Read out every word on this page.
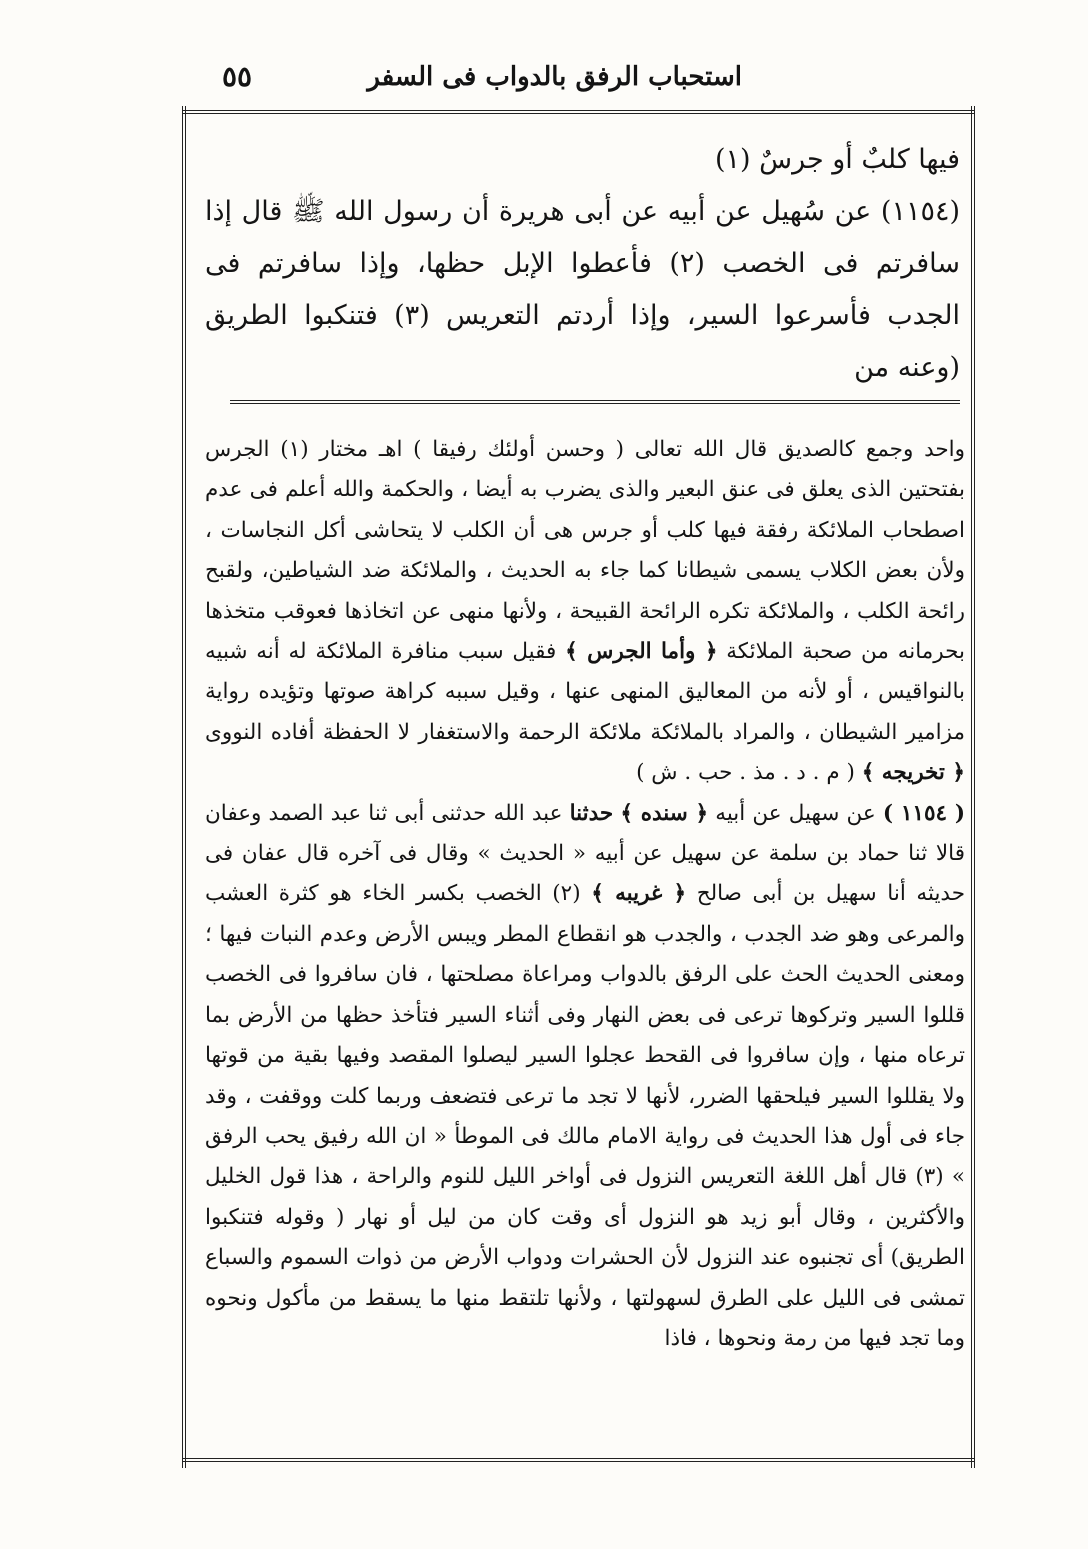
استحباب الرفق بالدواب فى السفر
٥٥

فيها كلبٌ أو جرسٌ (١)

(١١٥٤) عن سُهيل عن أبيه عن أبى هريرة أن رسول الله ﷺ قال إذا سافرتم فى الخصب (٢) فأعطوا الإبل حظها، وإذا سافرتم فى الجدب فأسرعوا السير، وإذا أردتم التعريس (٣) فتنكبوا الطريق (وعنه من

واحد وجمع كالصديق قال الله تعالى ( وحسن أولئك رفيقا ) اهـ مختار (١) الجرس بفتحتين الذى يعلق فى عنق البعير والذى يضرب به أيضا ، والحكمة والله أعلم فى عدم اصطحاب الملائكة رفقة فيها كلب أو جرس هى أن الكلب لا يتحاشى أكل النجاسات ، ولأن بعض الكلاب يسمى شيطانا كما جاء به الحديث ، والملائكة ضد الشياطين، ولقبح رائحة الكلب ، والملائكة تكره الرائحة القبيحة ، ولأنها منهى عن اتخاذها فعوقب متخذها بحرمانه من صحبة الملائكة ﴿ وأما الجرس ﴾ فقيل سبب منافرة الملائكة له أنه شبيه بالنواقيس ، أو لأنه من المعاليق المنهى عنها ، وقيل سببه كراهة صوتها وتؤيده رواية مزامير الشيطان ، والمراد بالملائكة ملائكة الرحمة والاستغفار لا الحفظة أفاده النووى ﴿ تخريجه ﴾ ( م . د . مذ . حب . ش )

( ١١٥٤ ) عن سهيل عن أبيه ﴿ سنده ﴾ حدثنا عبد الله حدثنى أبى ثنا عبد الصمد وعفان قالا ثنا حماد بن سلمة عن سهيل عن أبيه « الحديث » وقال فى آخره قال عفان فى حديثه أنا سهيل بن أبى صالح ﴿ غريبه ﴾ (٢) الخصب بكسر الخاء هو كثرة العشب والمرعى وهو ضد الجدب ، والجدب هو انقطاع المطر ويبس الأرض وعدم النبات فيها ؛ ومعنى الحديث الحث على الرفق بالدواب ومراعاة مصلحتها ، فان سافروا فى الخصب قللوا السير وتركوها ترعى فى بعض النهار وفى أثناء السير فتأخذ حظها من الأرض بما ترعاه منها ، وإن سافروا فى القحط عجلوا السير ليصلوا المقصد وفيها بقية من قوتها ولا يقللوا السير فيلحقها الضرر، لأنها لا تجد ما ترعى فتضعف وربما كلت ووقفت ، وقد جاء فى أول هذا الحديث فى رواية الامام مالك فى الموطأ « ان الله رفيق يحب الرفق » (٣) قال أهل اللغة التعريس النزول فى أواخر الليل للنوم والراحة ، هذا قول الخليل والأكثرين ، وقال أبو زيد هو النزول أى وقت كان من ليل أو نهار ( وقوله فتنكبوا الطريق) أى تجنبوه عند النزول لأن الحشرات ودواب الأرض من ذوات السموم والسباع تمشى فى الليل على الطرق لسهولتها ، ولأنها تلتقط منها ما يسقط من مأكول ونحوه وما تجد فيها من رمة ونحوها ، فاذا
